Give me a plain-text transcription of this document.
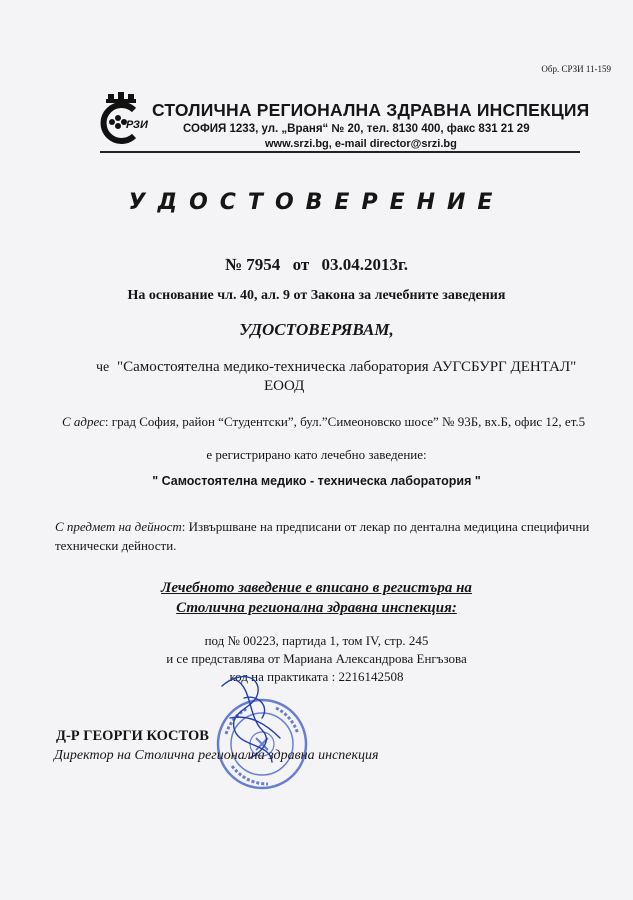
Обр. СРЗИ 11-159
РЗИ
СТОЛИЧНА РЕГИОНАЛНА ЗДРАВНА ИНСПЕКЦИЯ
СОФИЯ 1233, ул. „Враня“ № 20, тел. 8130 400, факс 831 21 29
www.srzi.bg, e-mail director@srzi.bg
УДОСТОВЕРЕНИЕ
№ 7954 от 03.04.2013г.
На основание чл. 40, ал. 9 от Закона за лечебните заведения
УДОСТОВЕРЯВАМ,
че "Самостоятелна медико-техническа лаборатория АУГСБУРГ ДЕНТАЛ"
ЕООД
С адрес: град София, район “Студентски”, бул.”Симеоновско шосе” № 93Б, вх.Б, офис 12, ет.5
е регистрирано като лечебно заведение:
" Самостоятелна медико - техническа лаборатория "
С предмет на дейност: Извършване на предписани от лекар по дентална медицина специфични технически дейности.
Лечебното заведение е вписано в регистъра на
Столична регионална здравна инспекция:
под № 00223, партида 1, том IV, стр. 245
и се представлява от Мариана Александрова Енгъзова
код на практиката : 2216142508
Д-Р ГЕОРГИ КОСТОВ
Директор на Столична регионална здравна инспекция
